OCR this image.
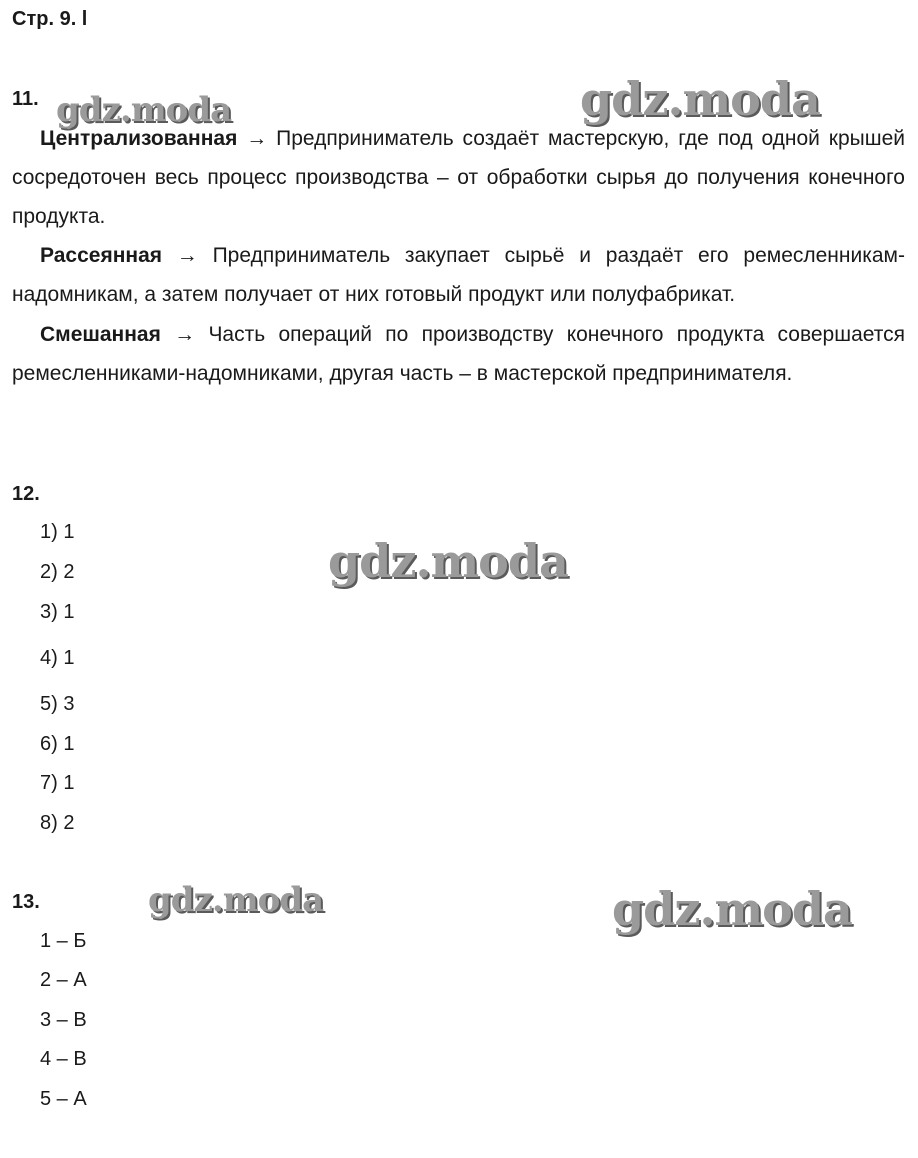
Стр. 9. l
gdz.moda	gdz.moda
gdz.moda
gdz.moda	gdz.moda
11.
Централизованная → Предприниматель создаёт мастерскую, где под одной крышей сосредоточен весь процесс производства – от обработки сырья до получения конечного продукта.
Рассеянная → Предприниматель закупает сырьё и раздаёт его ремесленникам-надомникам, а затем получает от них готовый продукт или полуфабрикат.
Смешанная → Часть операций по производству конечного продукта совершается ремесленниками-надомниками, другая часть – в мастерской предпринимателя.
12.
1) 1
2) 2
3) 1
4) 1
5) 3
6) 1
7) 1
8) 2
13.
1 – Б
2 – А
3 – В
4 – В
5 – А
